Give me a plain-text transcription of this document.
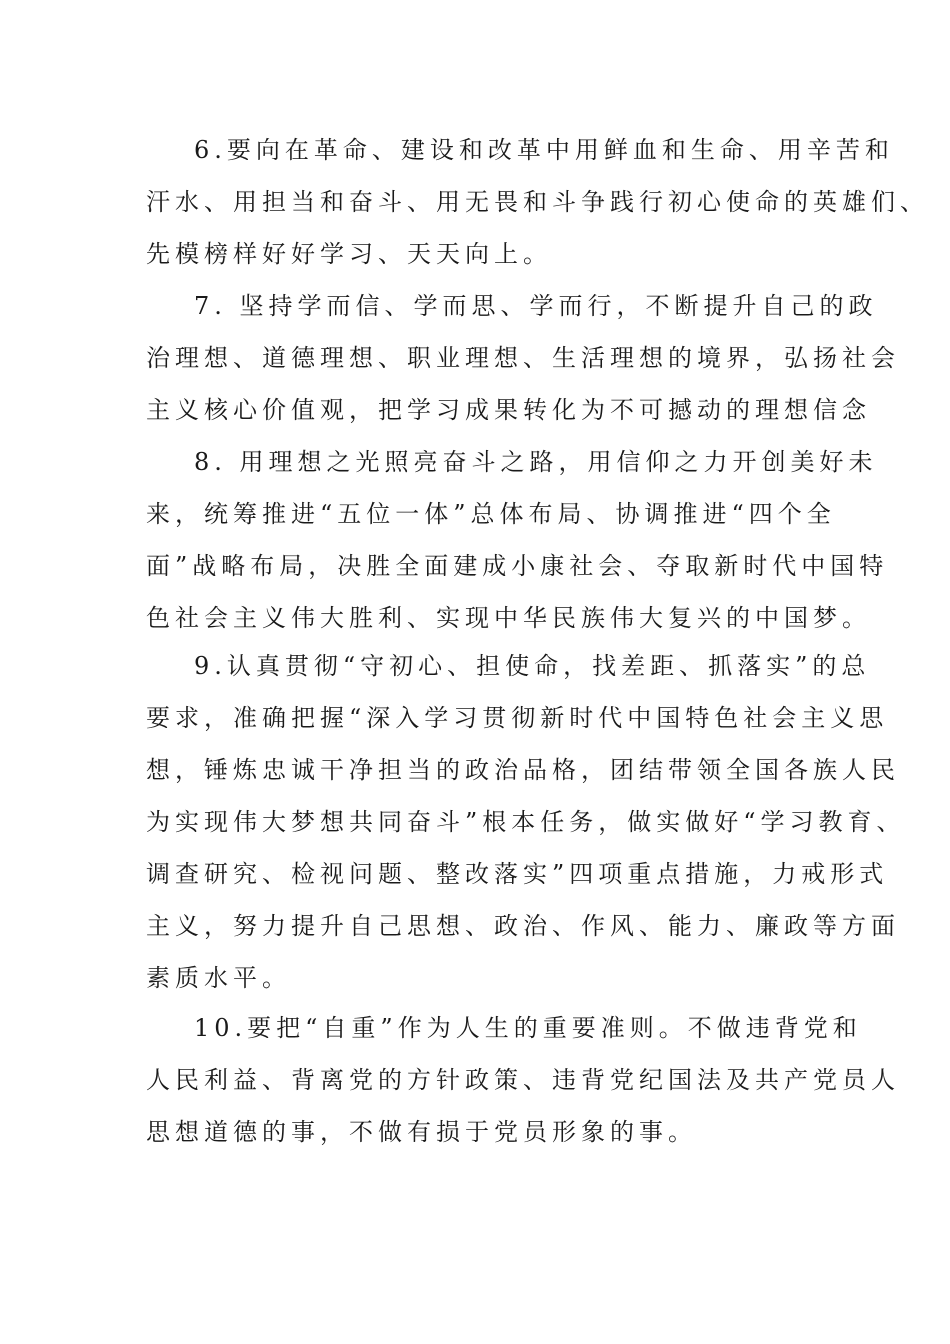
6.要向在革命、建设和改革中用鲜血和生命、用辛苦和
汗水、用担当和奋斗、用无畏和斗争践行初心使命的英雄们、
先模榜样好好学习、天天向上。
7. 坚持学而信、学而思、学而行，不断提升自己的政
治理想、道德理想、职业理想、生活理想的境界，弘扬社会
主义核心价值观，把学习成果转化为不可撼动的理想信念
8. 用理想之光照亮奋斗之路，用信仰之力开创美好未
来，统筹推进“五位一体”总体布局、协调推进“四个全
面”战略布局，决胜全面建成小康社会、夺取新时代中国特
色社会主义伟大胜利、实现中华民族伟大复兴的中国梦。
9.认真贯彻“守初心、担使命，找差距、抓落实”的总
要求，准确把握“深入学习贯彻新时代中国特色社会主义思
想，锤炼忠诚干净担当的政治品格，团结带领全国各族人民
为实现伟大梦想共同奋斗”根本任务，做实做好“学习教育、
调查研究、检视问题、整改落实”四项重点措施，力戒形式
主义，努力提升自己思想、政治、作风、能力、廉政等方面
素质水平。
10.要把“自重”作为人生的重要准则。不做违背党和
人民利益、背离党的方针政策、违背党纪国法及共产党员人
思想道德的事，不做有损于党员形象的事。
